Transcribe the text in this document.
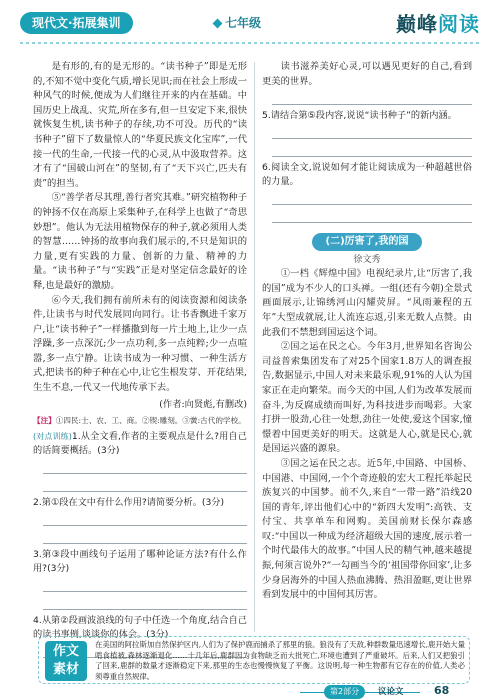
现代文·拓展集训	七年级	巅峰阅读

是有形的,有的是无形的。“读书种子”即是无形的,不知不觉中变化气质,增长见识;而在社会上形成一种风气的时候,便成为人们继往开来的内在基础。中国历史上战乱、灾荒,所在多有,但一旦安定下来,很快就恢复生机,读书种子的存续,功不可没。历代的“读书种子”留下了数量惊人的“华夏民族文化宝库”,一代接一代的生命,一代接一代的心灵,从中汲取营养。这才有了“国破山河在”的坚韧,有了“天下兴亡,匹夫有责”的担当。

⑤“善学者尽其理,善行者究其难。”研究植物种子的钟扬不仅在高原上采集种子,在科学上也做了“奇思妙想”。他认为无法用植物保存的种子,就必须用人类的智慧……钟扬的故事向我们展示的,不只是知识的力量,更有实践的力量、创新的力量、精神的力量。“读书种子”与“实践”正是对坚定信念最好的诠释,也是最好的激励。

⑥今天,我们拥有前所未有的阅读资源和阅读条件,让读书与时代发展同向同行。让书香飘进千家万户,让“读书种子”一样播撒到每一片土地上,让少一点浮躁,多一点深沉;少一点功利,多一点纯粹;少一点喧嚣,多一点宁静。让读书成为一种习惯、一种生活方式,把读书的种子种在心中,让它生根发芽、开花结果,生生不息,一代又一代地传承下去。

(作者:向贤彪,有删改)

【注】①四民:士、农、工、商。②锲:雕刻。③黉:古代的学校。

(对点训练)1.从全文看,作者的主要观点是什么?用自己的话简要概括。(3分)
2.第①段在文中有什么作用?请简要分析。(3分)
3.第③段中画线句子运用了哪种论证方法?有什么作用?(3分)
4.从第②段画波浪线的句子中任选一个角度,结合自己的读书事例,谈谈你的体会。(3分)

读书滋养美好心灵,可以遇见更好的自己,看到更美的世界。

5.请结合第⑤段内容,说说“读书种子”的新内涵。
6.阅读全文,说说如何才能让阅读成为一种超越世俗的力量。
(二)厉害了,我的国
徐文秀

①一档《辉煌中国》电视纪录片,让“厉害了,我的国”成为不少人的口头禅。一组(还有今朝)全景式画面展示,让锦绣河山闪耀荧屏。“风雨兼程的五年”大型成就展,让人流连忘返,引来无数人点赞。由此我们不禁想到国运这个词。

②国之运在民之心。今年3月,世界知名咨询公司益普索集团发布了对25个国家1.8万人的调查报告,数据显示,中国人对未来最乐观,91%的人认为国家正在走向繁荣。而今天的中国,人们为改革发展而奋斗,为反腐成绩而叫好,为科技进步而喝彩。大家打拼一股劲,心往一处想,劲往一处使,爱这个国家,憧憬着中国更美好的明天。这就是人心,就是民心,就是国运兴盛的源泉。

③国之运在民之志。近5年,中国路、中国桥、中国港、中国网,一个个奇迹般的宏大工程托举起民族复兴的中国梦。前不久,来自“一带一路”沿线20国的青年,评出他们心中的“新四大发明”:高铁、支付宝、共享单车和网购。美国前财长保尔森感叹:“中国以一种成为经济超级大国的速度,展示着一个时代最伟大的故事。”中国人民的精气神,越来越提振,何须言说外?“一勾画当今的‘祖国带你回家’,让多少身居海外的中国人热血沸腾、热泪盈眶,更让世界看到发展中的中国何其厉害。

作文
素材
在美国的阿拉斯加自然保护区内,人们为了保护鹿而捕杀了那里的狼。狼没有了天敌,种群数量迅速增长,鹿开始大量啃食植被,森林逐渐退化……十几年后,鹿群因为食物缺乏而大批死亡,环境也遭到了严重破坏。后来,人们又把狼引了回来,鹿群的数量才逐渐稳定下来,那里的生态也慢慢恢复了平衡。这说明,每一种生物都有它存在的价值,人类必须尊重自然规律。
第2部分	议论文	68
